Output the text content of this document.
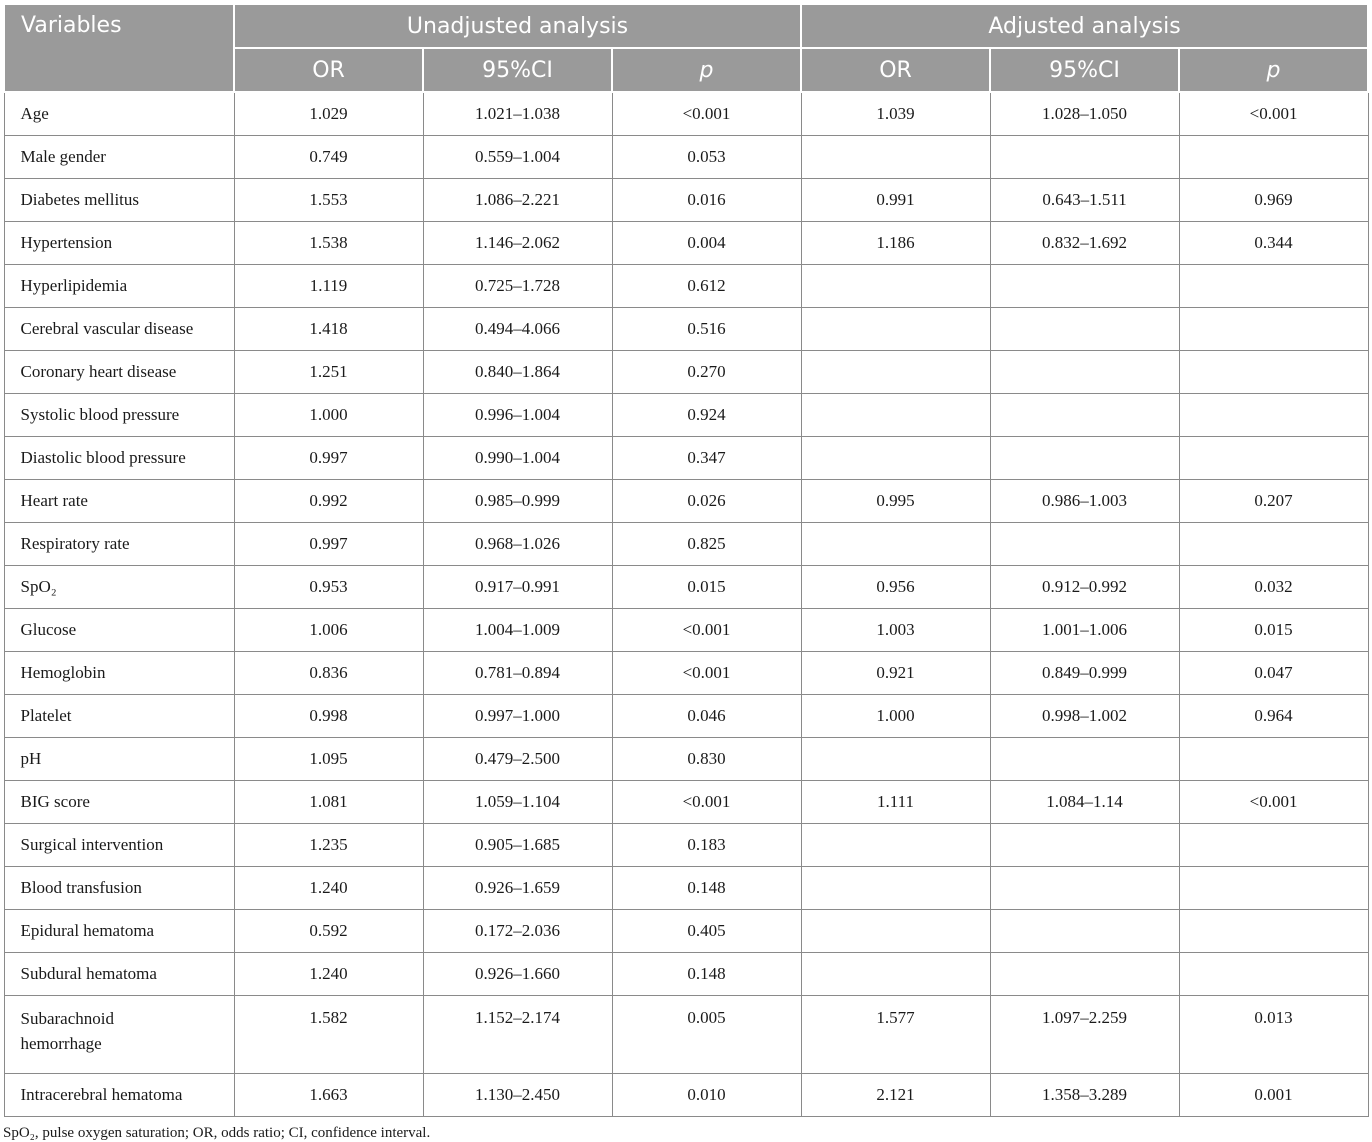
Variables	Unadjusted analysis			Adjusted analysis		
	OR	95%CI	p	OR	95%CI	p
Age	1.029	1.021–1.038	<0.001	1.039	1.028–1.050	<0.001
Male gender	0.749	0.559–1.004	0.053			
Diabetes mellitus	1.553	1.086–2.221	0.016	0.991	0.643–1.511	0.969
Hypertension	1.538	1.146–2.062	0.004	1.186	0.832–1.692	0.344
Hyperlipidemia	1.119	0.725–1.728	0.612			
Cerebral vascular disease	1.418	0.494–4.066	0.516			
Coronary heart disease	1.251	0.840–1.864	0.270			
Systolic blood pressure	1.000	0.996–1.004	0.924			
Diastolic blood pressure	0.997	0.990–1.004	0.347			
Heart rate	0.992	0.985–0.999	0.026	0.995	0.986–1.003	0.207
Respiratory rate	0.997	0.968–1.026	0.825			
SpO₂	0.953	0.917–0.991	0.015	0.956	0.912–0.992	0.032
Glucose	1.006	1.004–1.009	<0.001	1.003	1.001–1.006	0.015
Hemoglobin	0.836	0.781–0.894	<0.001	0.921	0.849–0.999	0.047
Platelet	0.998	0.997–1.000	0.046	1.000	0.998–1.002	0.964
pH	1.095	0.479–2.500	0.830			
BIG score	1.081	1.059–1.104	<0.001	1.111	1.084–1.14	<0.001
Surgical intervention	1.235	0.905–1.685	0.183			
Blood transfusion	1.240	0.926–1.659	0.148			
Epidural hematoma	0.592	0.172–2.036	0.405			
Subdural hematoma	1.240	0.926–1.660	0.148			
Subarachnoid hemorrhage	1.582	1.152–2.174	0.005	1.577	1.097–2.259	0.013
Intracerebral hematoma	1.663	1.130–2.450	0.010	2.121	1.358–3.289	0.001
SpO₂, pulse oxygen saturation; OR, odds ratio; CI, confidence interval.
